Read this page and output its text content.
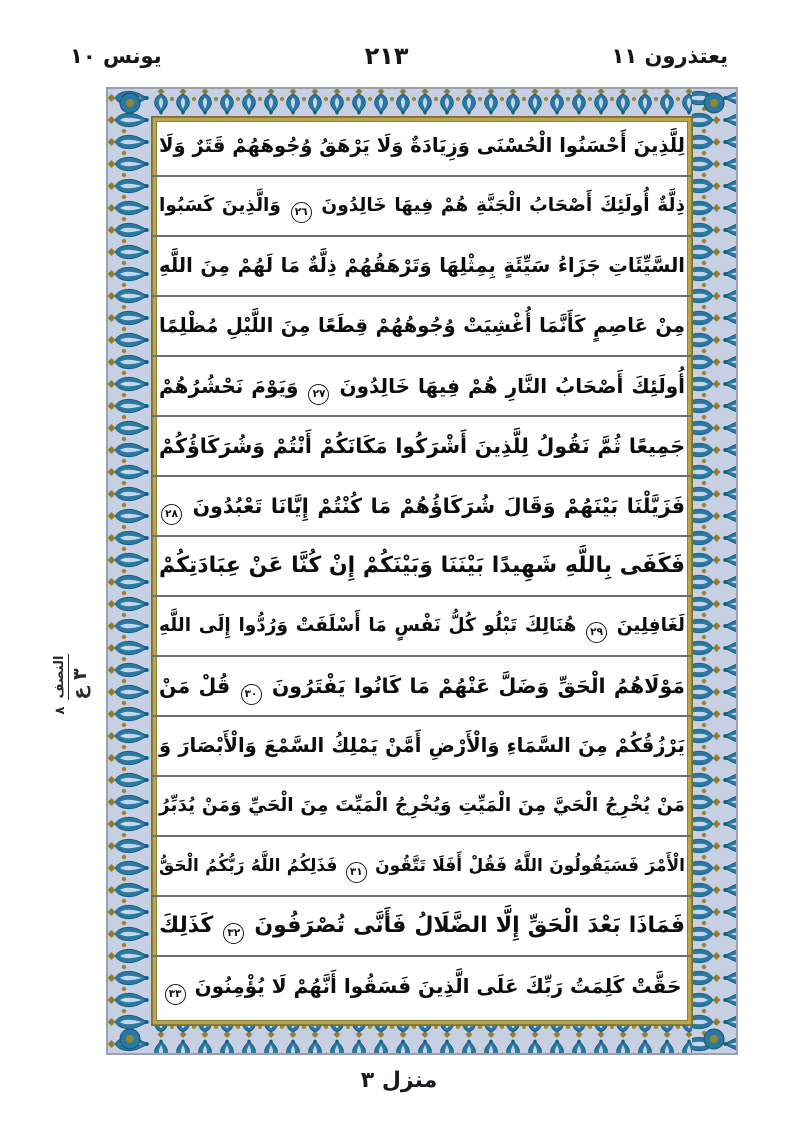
يعتذرون ١١
٢١٣
يونس ١٠
لِلَّذِينَ أَحْسَنُوا الْحُسْنَى وَزِيَادَةٌ وَلَا يَرْهَقُ وُجُوهَهُمْ قَتَرٌ وَلَا
ذِلَّةٌ أُولَئِكَ أَصْحَابُ الْجَنَّةِ هُمْ فِيهَا خَالِدُونَ ٢٦ وَالَّذِينَ كَسَبُوا
السَّيِّئَاتِ جَزَاءُ سَيِّئَةٍ بِمِثْلِهَا وَتَرْهَقُهُمْ ذِلَّةٌ مَا لَهُمْ مِنَ اللَّهِ
مِنْ عَاصِمٍ كَأَنَّمَا أُغْشِيَتْ وُجُوهُهُمْ قِطَعًا مِنَ اللَّيْلِ مُظْلِمًا
أُولَئِكَ أَصْحَابُ النَّارِ هُمْ فِيهَا خَالِدُونَ ٢٧ وَيَوْمَ نَحْشُرُهُمْ
جَمِيعًا ثُمَّ نَقُولُ لِلَّذِينَ أَشْرَكُوا مَكَانَكُمْ أَنْتُمْ وَشُرَكَاؤُكُمْ
فَزَيَّلْنَا بَيْنَهُمْ وَقَالَ شُرَكَاؤُهُمْ مَا كُنْتُمْ إِيَّانَا تَعْبُدُونَ ٢٨
فَكَفَى بِاللَّهِ شَهِيدًا بَيْنَنَا وَبَيْنَكُمْ إِنْ كُنَّا عَنْ عِبَادَتِكُمْ
لَغَافِلِينَ ٢٩ هُنَالِكَ تَبْلُو كُلُّ نَفْسٍ مَا أَسْلَفَتْ وَرُدُّوا إِلَى اللَّهِ
مَوْلَاهُمُ الْحَقِّ وَضَلَّ عَنْهُمْ مَا كَانُوا يَفْتَرُونَ ٣٠ قُلْ مَنْ
يَرْزُقُكُمْ مِنَ السَّمَاءِ وَالْأَرْضِ أَمَّنْ يَمْلِكُ السَّمْعَ وَالْأَبْصَارَ وَ
مَنْ يُخْرِجُ الْحَيَّ مِنَ الْمَيِّتِ وَيُخْرِجُ الْمَيِّتَ مِنَ الْحَيِّ وَمَنْ يُدَبِّرُ
الْأَمْرَ فَسَيَقُولُونَ اللَّهُ فَقُلْ أَفَلَا تَتَّقُونَ ٣١ فَذَلِكُمُ اللَّهُ رَبُّكُمُ الْحَقُّ
فَمَاذَا بَعْدَ الْحَقِّ إِلَّا الضَّلَالُ فَأَنَّى تُصْرَفُونَ ٣٢ كَذَلِكَ
حَقَّتْ كَلِمَتُ رَبِّكَ عَلَى الَّذِينَ فَسَقُوا أَنَّهُمْ لَا يُؤْمِنُونَ ٣٣
النصف
٨
٣ ع
منزل ٣
